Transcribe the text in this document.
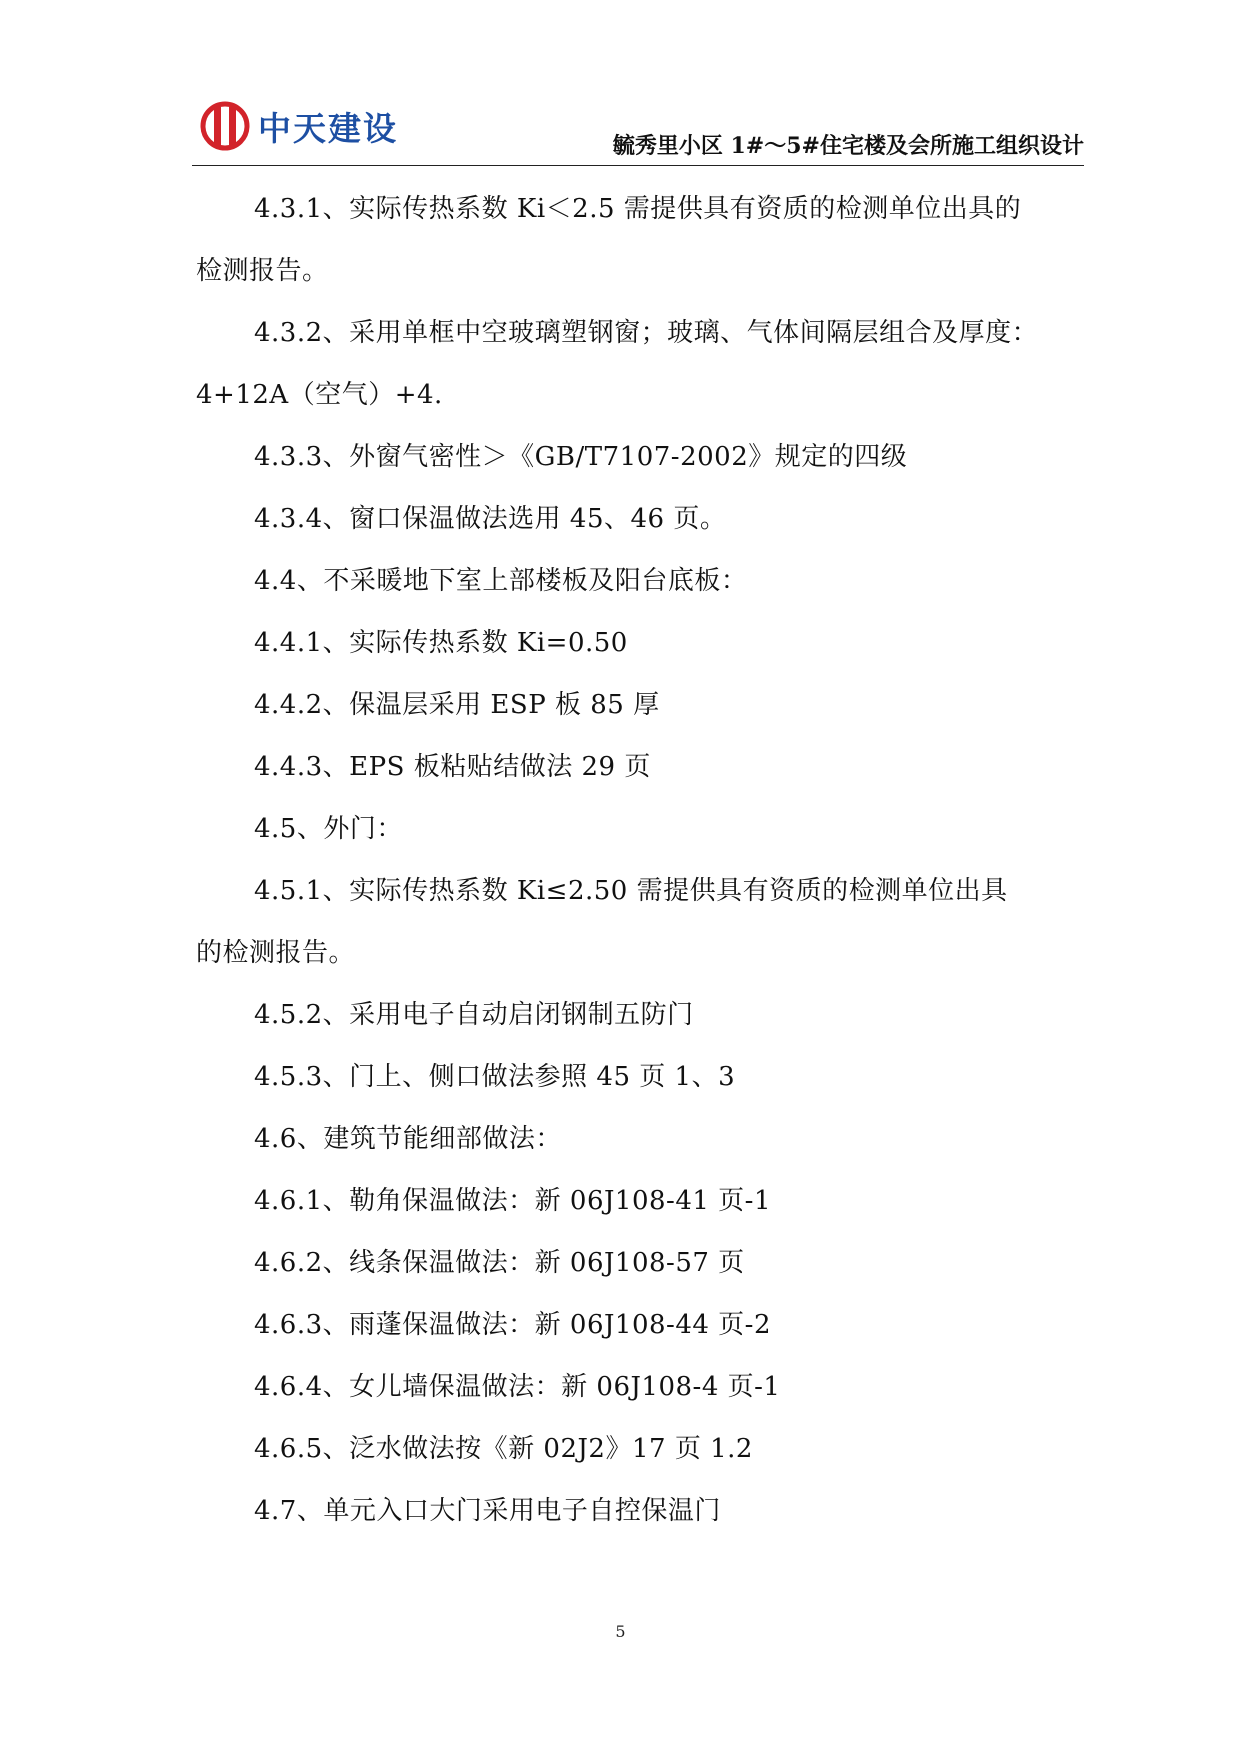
中天建设	毓秀里小区 1#～5#住宅楼及会所施工组织设计
4.3.1、实际传热系数 Ki＜2.5 需提供具有资质的检测单位出具的
检测报告。
4.3.2、采用单框中空玻璃塑钢窗；玻璃、气体间隔层组合及厚度：
4+12A（空气）+4.
4.3.3、外窗气密性＞《GB/T7107-2002》规定的四级
4.3.4、窗口保温做法选用 45、46 页。
4.4、不采暖地下室上部楼板及阳台底板：
4.4.1、实际传热系数 Ki=0.50
4.4.2、保温层采用 ESP 板 85 厚
4.4.3、EPS 板粘贴结做法 29 页
4.5、外门：
4.5.1、实际传热系数 Ki≤2.50 需提供具有资质的检测单位出具
的检测报告。
4.5.2、采用电子自动启闭钢制五防门
4.5.3、门上、侧口做法参照 45 页 1、3
4.6、建筑节能细部做法：
4.6.1、勒角保温做法：新 06J108-41 页-1
4.6.2、线条保温做法：新 06J108-57 页
4.6.3、雨蓬保温做法：新 06J108-44 页-2
4.6.4、女儿墙保温做法：新 06J108-4 页-1
4.6.5、泛水做法按《新 02J2》17 页 1.2
4.7、单元入口大门采用电子自控保温门
5
